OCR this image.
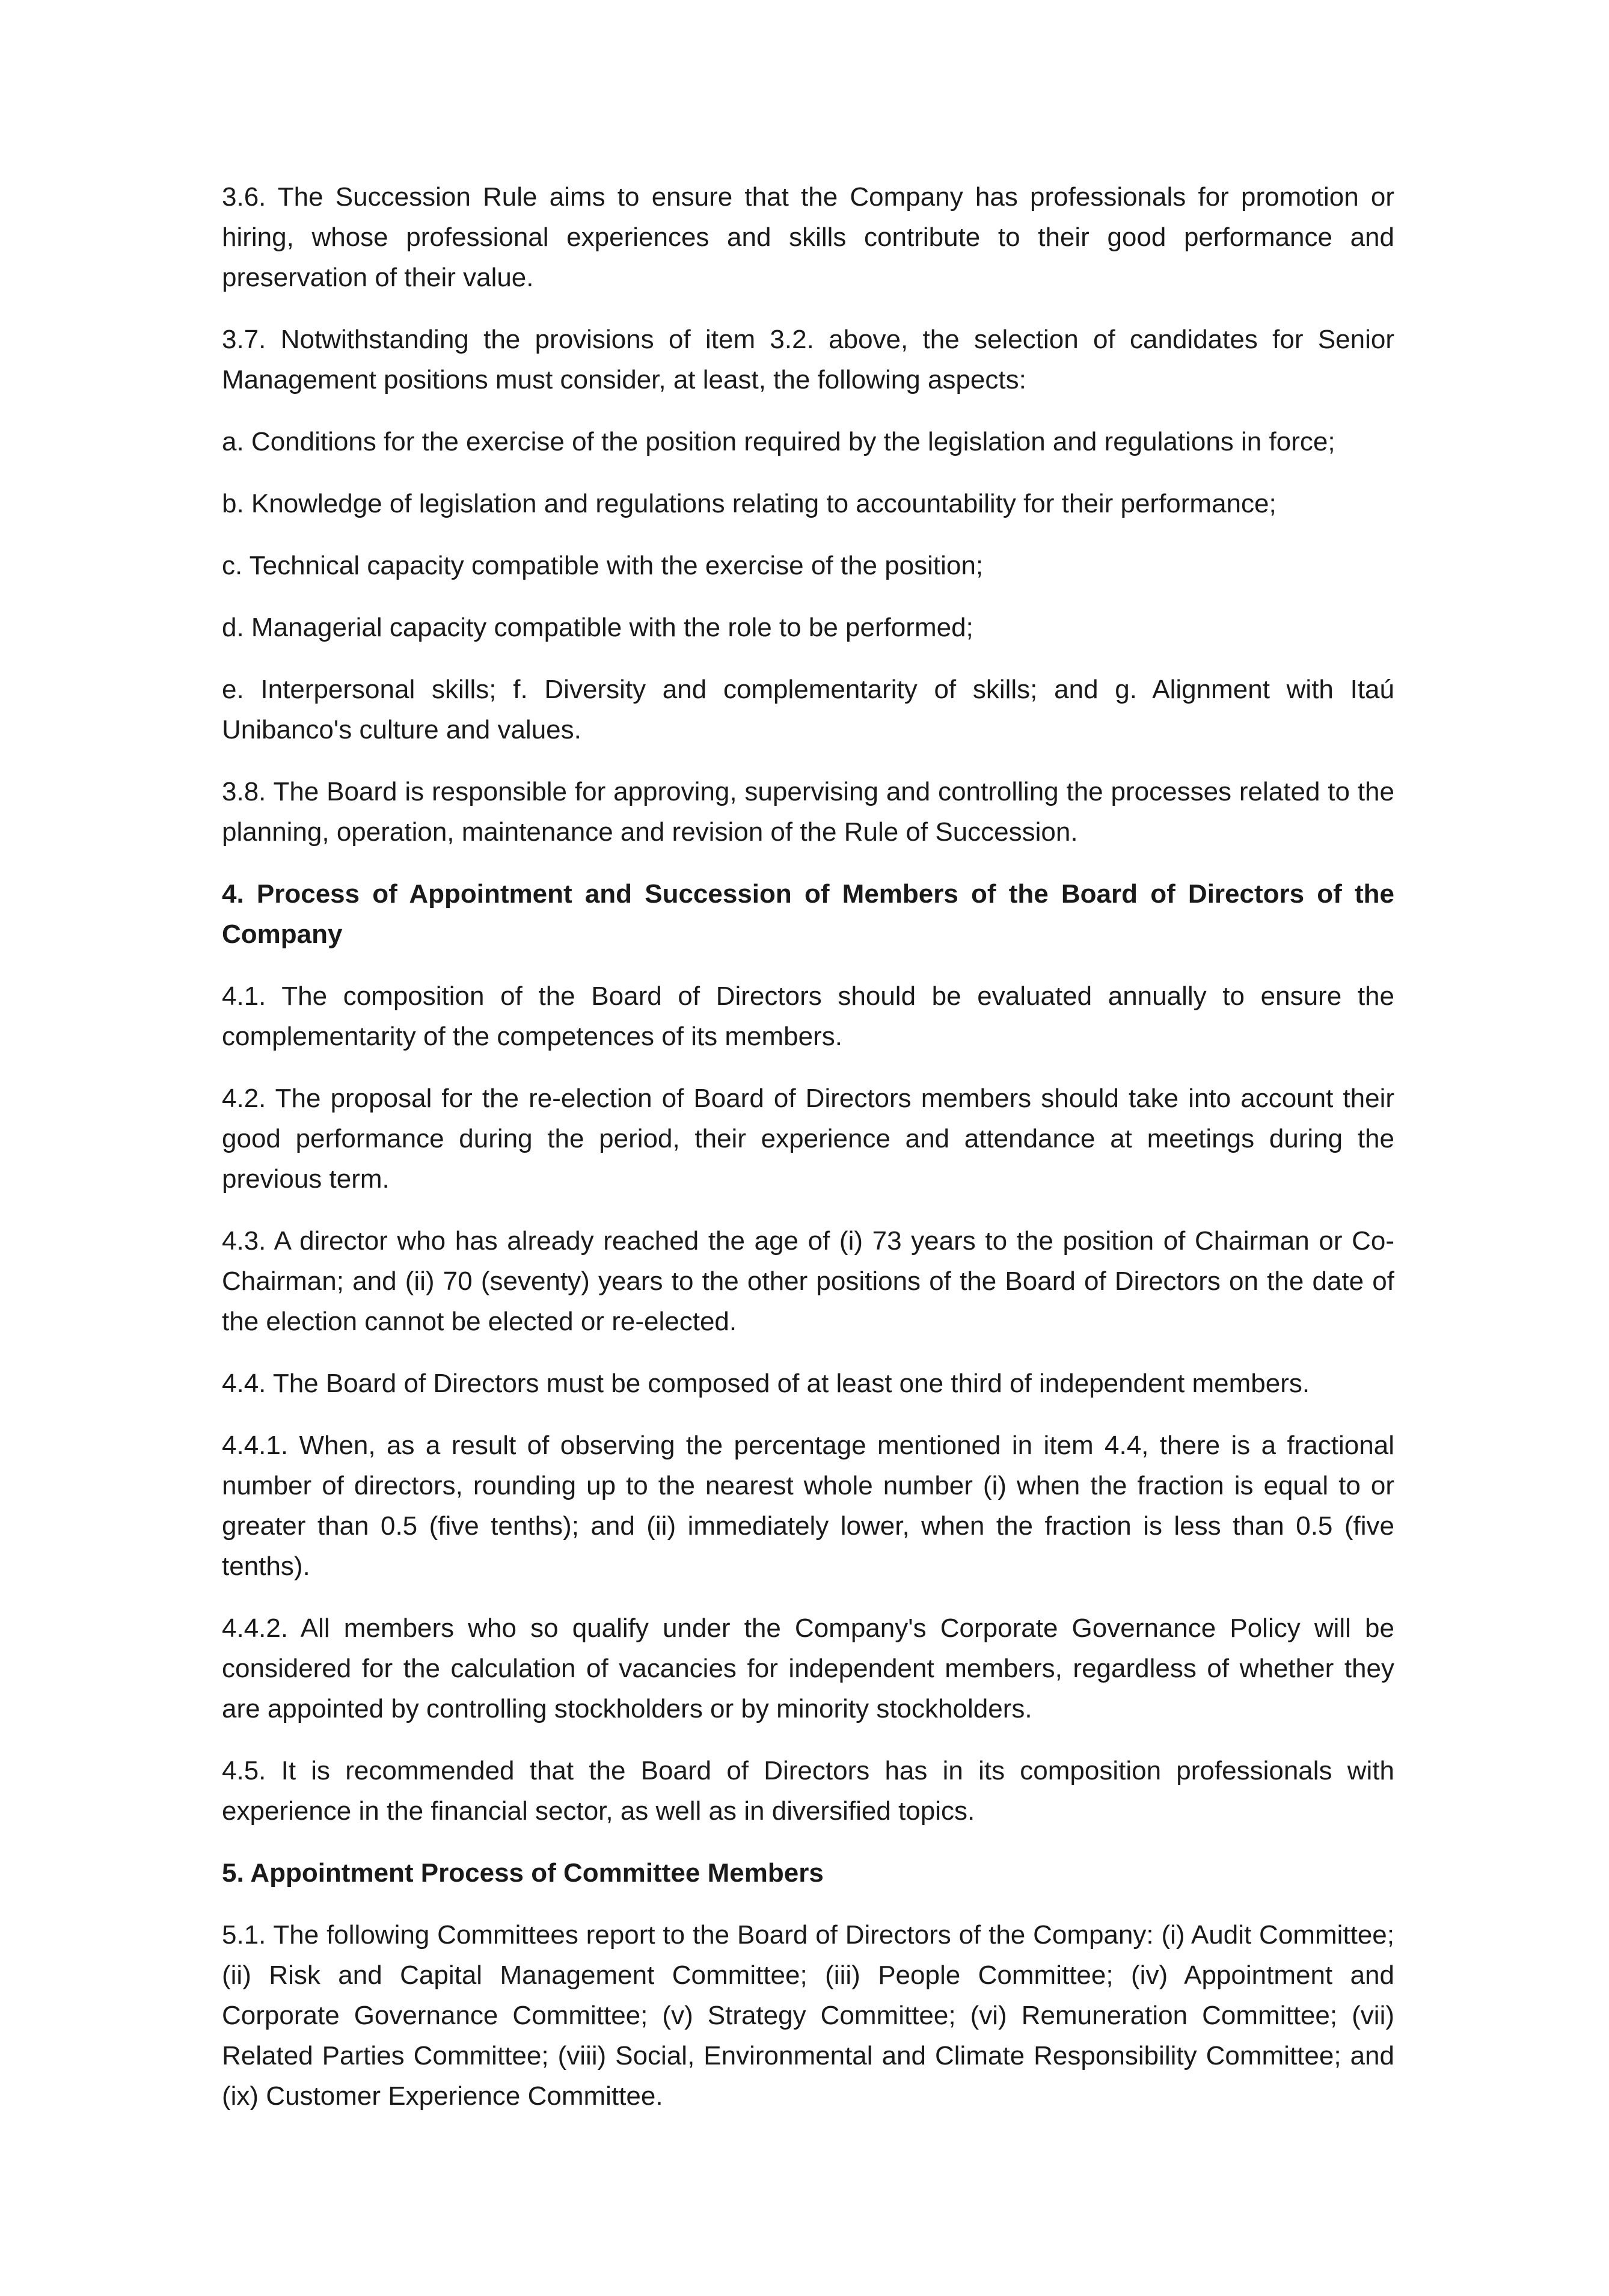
3.6. The Succession Rule aims to ensure that the Company has professionals for promotion or hiring, whose professional experiences and skills contribute to their good performance and preservation of their value.

3.7. Notwithstanding the provisions of item 3.2. above, the selection of candidates for Senior Management positions must consider, at least, the following aspects:

a. Conditions for the exercise of the position required by the legislation and regulations in force;

b. Knowledge of legislation and regulations relating to accountability for their performance;

c. Technical capacity compatible with the exercise of the position;

d. Managerial capacity compatible with the role to be performed;

e. Interpersonal skills; f. Diversity and complementarity of skills; and g. Alignment with Itaú Unibanco's culture and values.

3.8. The Board is responsible for approving, supervising and controlling the processes related to the planning, operation, maintenance and revision of the Rule of Succession.

4. Process of Appointment and Succession of Members of the Board of Directors of the Company

4.1. The composition of the Board of Directors should be evaluated annually to ensure the complementarity of the competences of its members.

4.2. The proposal for the re-election of Board of Directors members should take into account their good performance during the period, their experience and attendance at meetings during the previous term.

4.3. A director who has already reached the age of (i) 73 years to the position of Chairman or Co-Chairman; and (ii) 70 (seventy) years to the other positions of the Board of Directors on the date of the election cannot be elected or re-elected.

4.4. The Board of Directors must be composed of at least one third of independent members.

4.4.1. When, as a result of observing the percentage mentioned in item 4.4, there is a fractional number of directors, rounding up to the nearest whole number (i) when the fraction is equal to or greater than 0.5 (five tenths); and (ii) immediately lower, when the fraction is less than 0.5 (five tenths).

4.4.2. All members who so qualify under the Company's Corporate Governance Policy will be considered for the calculation of vacancies for independent members, regardless of whether they are appointed by controlling stockholders or by minority stockholders.

4.5. It is recommended that the Board of Directors has in its composition professionals with experience in the financial sector, as well as in diversified topics.

5. Appointment Process of Committee Members

5.1. The following Committees report to the Board of Directors of the Company: (i) Audit Committee; (ii) Risk and Capital Management Committee; (iii) People Committee; (iv) Appointment and Corporate Governance Committee; (v) Strategy Committee; (vi) Remuneration Committee; (vii) Related Parties Committee; (viii) Social, Environmental and Climate Responsibility Committee; and (ix) Customer Experience Committee.
